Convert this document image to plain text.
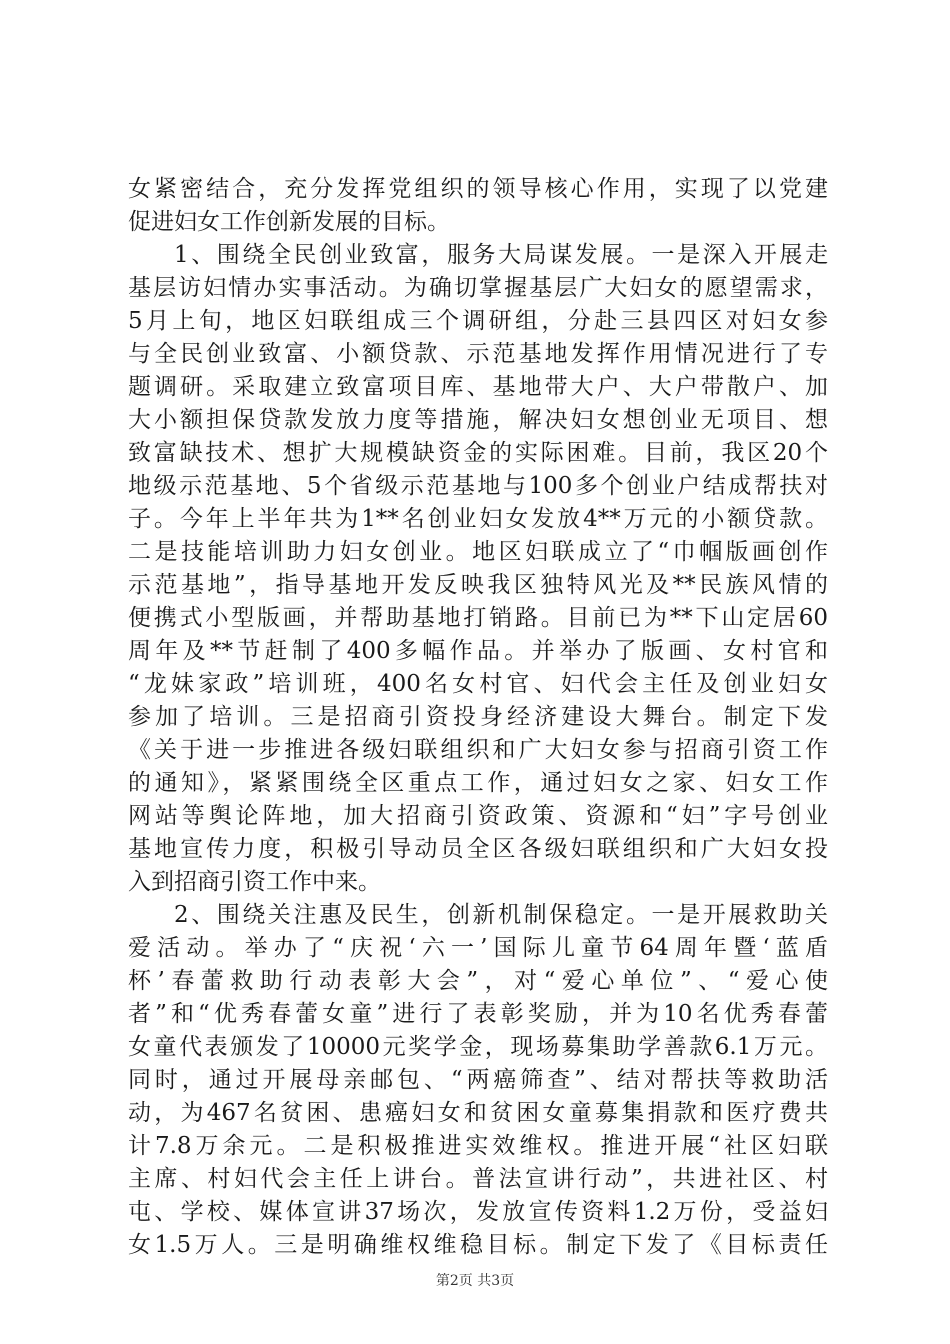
女紧密结合，充分发挥党组织的领导核心作用，实现了以党建
促进妇女工作创新发展的目标。
1、围绕全民创业致富，服务大局谋发展。一是深入开展走
基层访妇情办实事活动。为确切掌握基层广大妇女的愿望需求，
5月上旬，地区妇联组成三个调研组，分赴三县四区对妇女参
与全民创业致富、小额贷款、示范基地发挥作用情况进行了专
题调研。采取建立致富项目库、基地带大户、大户带散户、加
大小额担保贷款发放力度等措施，解决妇女想创业无项目、想
致富缺技术、想扩大规模缺资金的实际困难。目前，我区20个
地级示范基地、5个省级示范基地与100多个创业户结成帮扶对
子。今年上半年共为1**名创业妇女发放4**万元的小额贷款。
二是技能培训助力妇女创业。地区妇联成立了“巾帼版画创作
示范基地”，指导基地开发反映我区独特风光及**民族风情的
便携式小型版画，并帮助基地打销路。目前已为**下山定居60
周年及**节赶制了400多幅作品。并举办了版画、女村官和
“龙妹家政”培训班，400名女村官、妇代会主任及创业妇女
参加了培训。三是招商引资投身经济建设大舞台。制定下发
《关于进一步推进各级妇联组织和广大妇女参与招商引资工作
的通知》，紧紧围绕全区重点工作，通过妇女之家、妇女工作
网站等舆论阵地，加大招商引资政策、资源和“妇”字号创业
基地宣传力度，积极引导动员全区各级妇联组织和广大妇女投
入到招商引资工作中来。
2、围绕关注惠及民生，创新机制保稳定。一是开展救助关
爱活动。举办了“庆祝‘六一’国际儿童节64周年暨‘蓝盾
杯’春蕾救助行动表彰大会”，对“爱心单位”、“爱心使
者”和“优秀春蕾女童”进行了表彰奖励，并为10名优秀春蕾
女童代表颁发了10000元奖学金，现场募集助学善款6.1万元。
同时，通过开展母亲邮包、“两癌筛查”、结对帮扶等救助活
动，为467名贫困、患癌妇女和贫困女童募集捐款和医疗费共
计7.8万余元。二是积极推进实效维权。推进开展“社区妇联
主席、村妇代会主任上讲台。普法宣讲行动”，共进社区、村
屯、学校、媒体宣讲37场次，发放宣传资料1.2万份，受益妇
女1.5万人。三是明确维权维稳目标。制定下发了《目标责任
第2页 共3页
